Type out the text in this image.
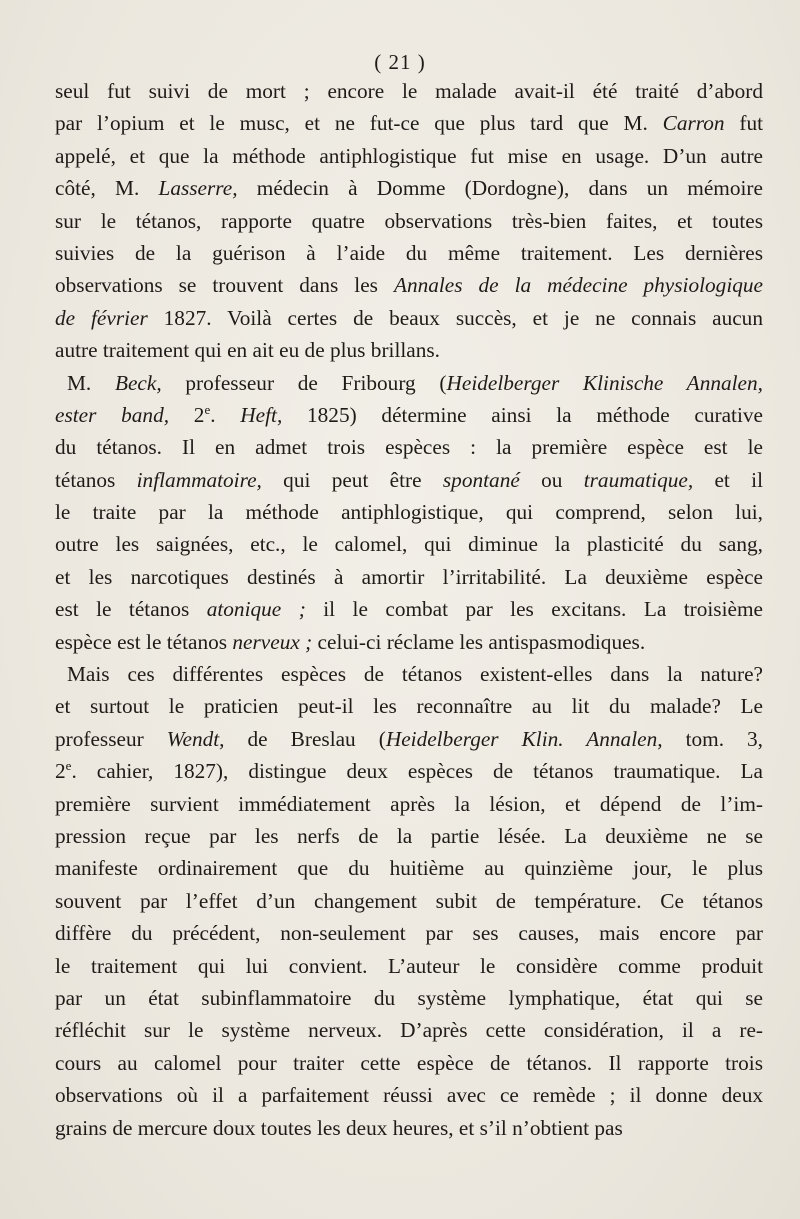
( 21 )
seul fut suivi de mort ; encore le malade avait-il été traité d’abord
par l’opium et le musc, et ne fut-ce que plus tard que M. Carron fut
appelé, et que la méthode antiphlogistique fut mise en usage. D’un autre
côté, M. Lasserre, médecin à Domme (Dordogne), dans un mémoire
sur le tétanos, rapporte quatre observations très-bien faites, et toutes
suivies de la guérison à l’aide du même traitement. Les dernières
observations se trouvent dans les Annales de la médecine physiologique
de février 1827. Voilà certes de beaux succès, et je ne connais aucun
autre traitement qui en ait eu de plus brillans.
M. Beck, professeur de Fribourg (Heidelberger Klinische Annalen,
ester band, 2e. Heft, 1825) détermine ainsi la méthode curative
du tétanos. Il en admet trois espèces : la première espèce est le
tétanos inflammatoire, qui peut être spontané ou traumatique, et il
le traite par la méthode antiphlogistique, qui comprend, selon lui,
outre les saignées, etc., le calomel, qui diminue la plasticité du sang,
et les narcotiques destinés à amortir l’irritabilité. La deuxième espèce
est le tétanos atonique ; il le combat par les excitans. La troisième
espèce est le tétanos nerveux ; celui-ci réclame les antispasmodiques.
Mais ces différentes espèces de tétanos existent-elles dans la nature?
et surtout le praticien peut-il les reconnaître au lit du malade? Le
professeur Wendt, de Breslau (Heidelberger Klin. Annalen, tom. 3,
2e. cahier, 1827), distingue deux espèces de tétanos traumatique. La
première survient immédiatement après la lésion, et dépend de l’im-
pression reçue par les nerfs de la partie lésée. La deuxième ne se
manifeste ordinairement que du huitième au quinzième jour, le plus
souvent par l’effet d’un changement subit de température. Ce tétanos
diffère du précédent, non-seulement par ses causes, mais encore par
le traitement qui lui convient. L’auteur le considère comme produit
par un état subinflammatoire du système lymphatique, état qui se
réfléchit sur le système nerveux. D’après cette considération, il a re-
cours au calomel pour traiter cette espèce de tétanos. Il rapporte trois
observations où il a parfaitement réussi avec ce remède ; il donne deux
grains de mercure doux toutes les deux heures, et s’il n’obtient pas
